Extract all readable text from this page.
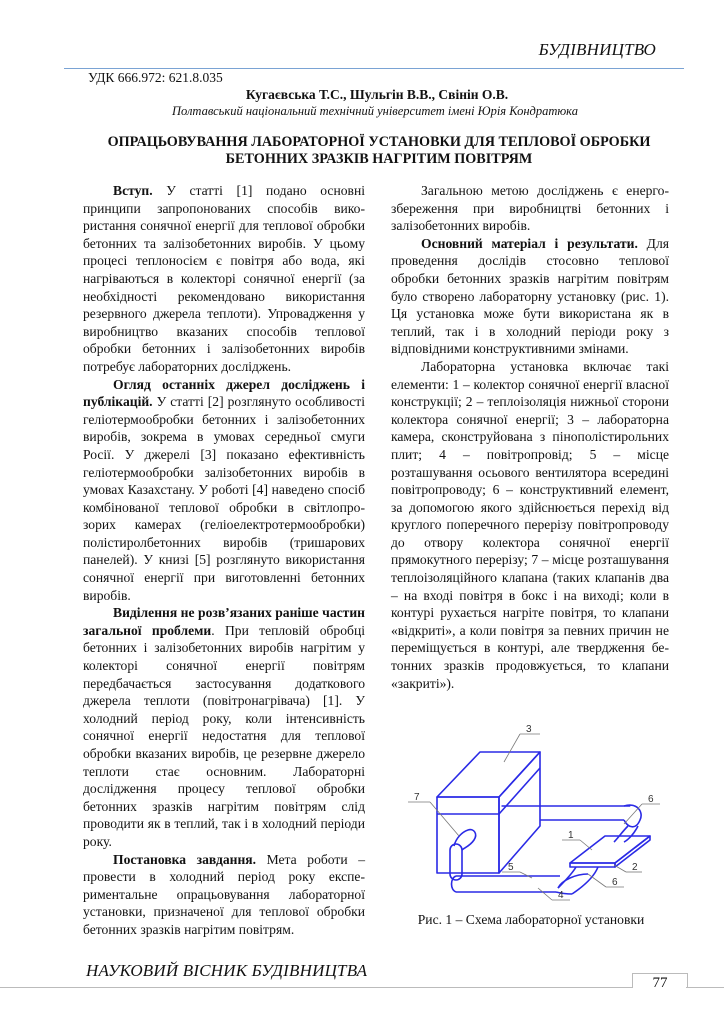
БУДІВНИЦТВО
УДК 666.972: 621.8.035
Кугаєвська Т.С., Шульгін В.В., Свінін О.В.
Полтавський національний технічний університет імені Юрія Кондратюка
ОПРАЦЬОВУВАННЯ ЛАБОРАТОРНОЇ УСТАНОВКИ ДЛЯ ТЕПЛОВОЇ ОБРОБКИ
БЕТОННИХ ЗРАЗКІВ НАГРІТИМ ПОВІТРЯМ

Вступ. У статті [1] подано основні принципи запропонованих способів використання сонячної енергії для теплової обробки бетонних та залізобетонних виробів. У цьому процесі теплоносієм є повітря або вода, які нагріваються в колекторі сонячної енергії (за необхідності рекомендовано використання резервного джерела теплоти). Упровадження у виробництво вказаних способів теплової обробки бетонних і залізобетонних виробів потребує лабораторних досліджень.

Огляд останніх джерел досліджень і публікацій. У статті [2] розглянуто особливості геліотермообробки бетонних і залізобетонних виробів, зокрема в умовах середньої смуги Росії. У джерелі [3] показано ефективність геліотермообробки залізобетонних виробів в умовах Казахстану. У роботі [4] наведено спосіб комбінованої теплової обробки в світлопрозорих камерах (геліоелектротермообробки) полістиролбетонних виробів (тришарових панелей). У книзі [5] розглянуто використання сонячної енергії при виготовленні бетонних виробів.

Виділення не розв’язаних раніше частин загальної проблеми. При тепловій обробці бетонних і залізобетонних виробів нагрітим у колекторі сонячної енергії повітрям передбачається застосування додаткового джерела теплоти (повітронагрівача) [1]. У холодний період року, коли інтенсивність сонячної енергії недостатня для теплової обробки вказаних виробів, це резервне джерело теплоти стає основним. Лабораторні дослідження процесу теплової обробки бетонних зразків нагрітим повітрям слід проводити як в теплий, так і в холодний періоди року.

Постановка завдання. Мета роботи – провести в холодний період року експериментальне опрацьовування лабораторної установки, призначеної для теплової обробки бетонних зразків нагрітим повітрям.

Загальною метою досліджень є енергозбереження при виробництві бетонних і залізобетонних виробів.

Основний матеріал і результати. Для проведення дослідів стосовно теплової обробки бетонних зразків нагрітим повітрям було створено лабораторну установку (рис. 1). Ця установка може бути використана як в теплий, так і в холодний періоди року з відповідними конструктивними змінами.

Лабораторна установка включає такі елементи: 1 – колектор сонячної енергії власної конструкції; 2 – теплоізоляція нижньої сторони колектора сонячної енергії; 3 – лабораторна камера, сконструйована з пінополістирольних плит; 4 – повітропровід; 5 – місце розташування осьового вентилятора всередині повітропроводу; 6 – конструктивний елемент, за допомогою якого здійснюється перехід від круглого поперечного перерізу повітропроводу до отвору колектора сонячної енергії прямокутного перерізу; 7 – місце розташування теплоізоляційного клапана (таких клапанів два – на вході повітря в бокс і на виході; коли в контурі рухається нагріте повітря, то клапани «відкриті», а коли повітря за певних причин не переміщується в контурі, але твердження бетонних зразків продовжується, то клапани «закриті»).

3
7	6
1
2
6
5
4
Рис. 1 – Схема лабораторної установки
НАУКОВИЙ ВІСНИК БУДІВНИЦТВА
77
